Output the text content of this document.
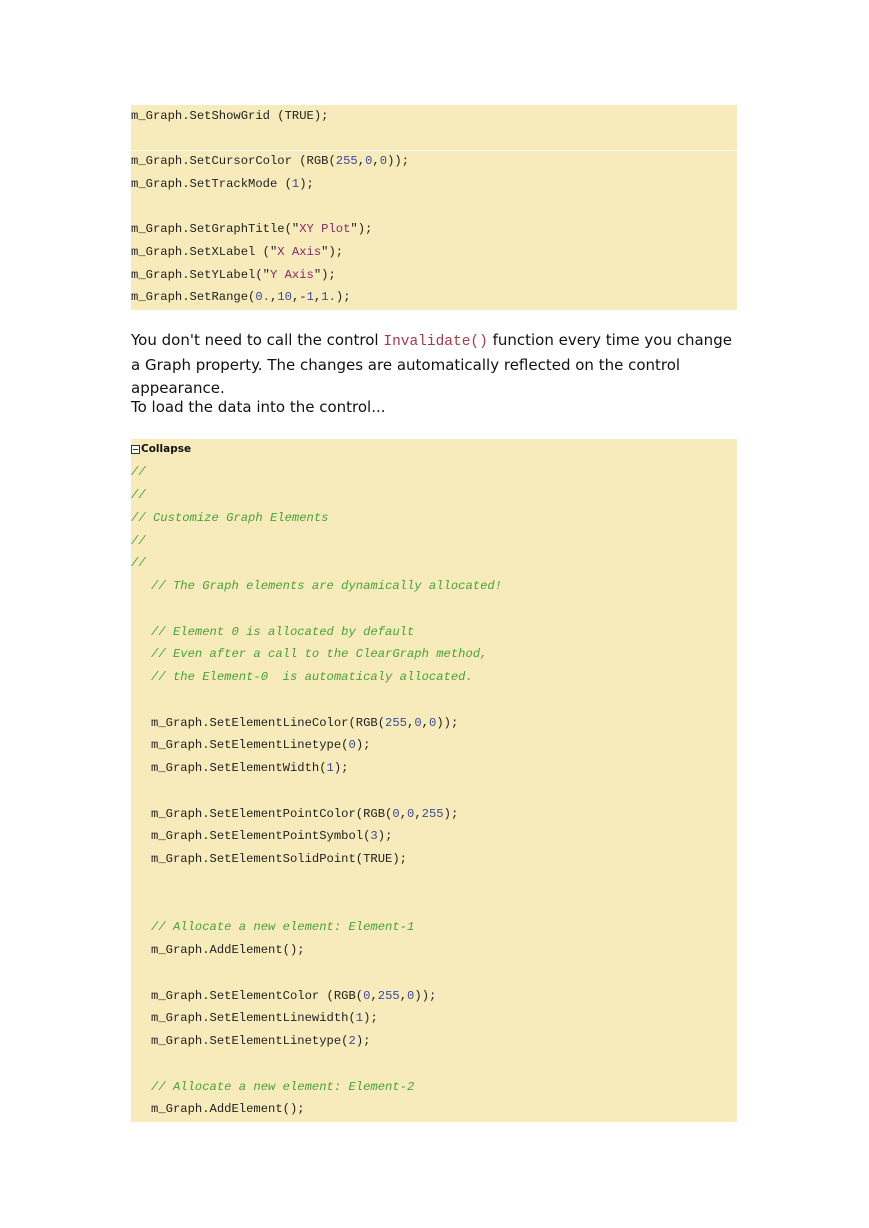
m_Graph.SetShowGrid (TRUE);
m_Graph.SetCursorColor (RGB(255,0,0));
m_Graph.SetTrackMode (1);
m_Graph.SetGraphTitle("XY Plot");
m_Graph.SetXLabel ("X Axis");
m_Graph.SetYLabel("Y Axis");
m_Graph.SetRange(0.,10,-1,1.);
You don't need to call the control Invalidate() function every time you change a Graph property. The changes are automatically reflected on the control appearance.
To load the data into the control...
Collapse
//
//
// Customize Graph Elements
//
//
// The Graph elements are dynamically allocated!
// Element 0 is allocated by default
// Even after a call to the ClearGraph method,
// the Element-0  is automaticaly allocated.
m_Graph.SetElementLineColor(RGB(255,0,0));
m_Graph.SetElementLinetype(0);
m_Graph.SetElementWidth(1);
m_Graph.SetElementPointColor(RGB(0,0,255);
m_Graph.SetElementPointSymbol(3);
m_Graph.SetElementSolidPoint(TRUE);
// Allocate a new element: Element-1
m_Graph.AddElement();
m_Graph.SetElementColor (RGB(0,255,0));
m_Graph.SetElementLinewidth(1);
m_Graph.SetElementLinetype(2);
// Allocate a new element: Element-2
m_Graph.AddElement();
